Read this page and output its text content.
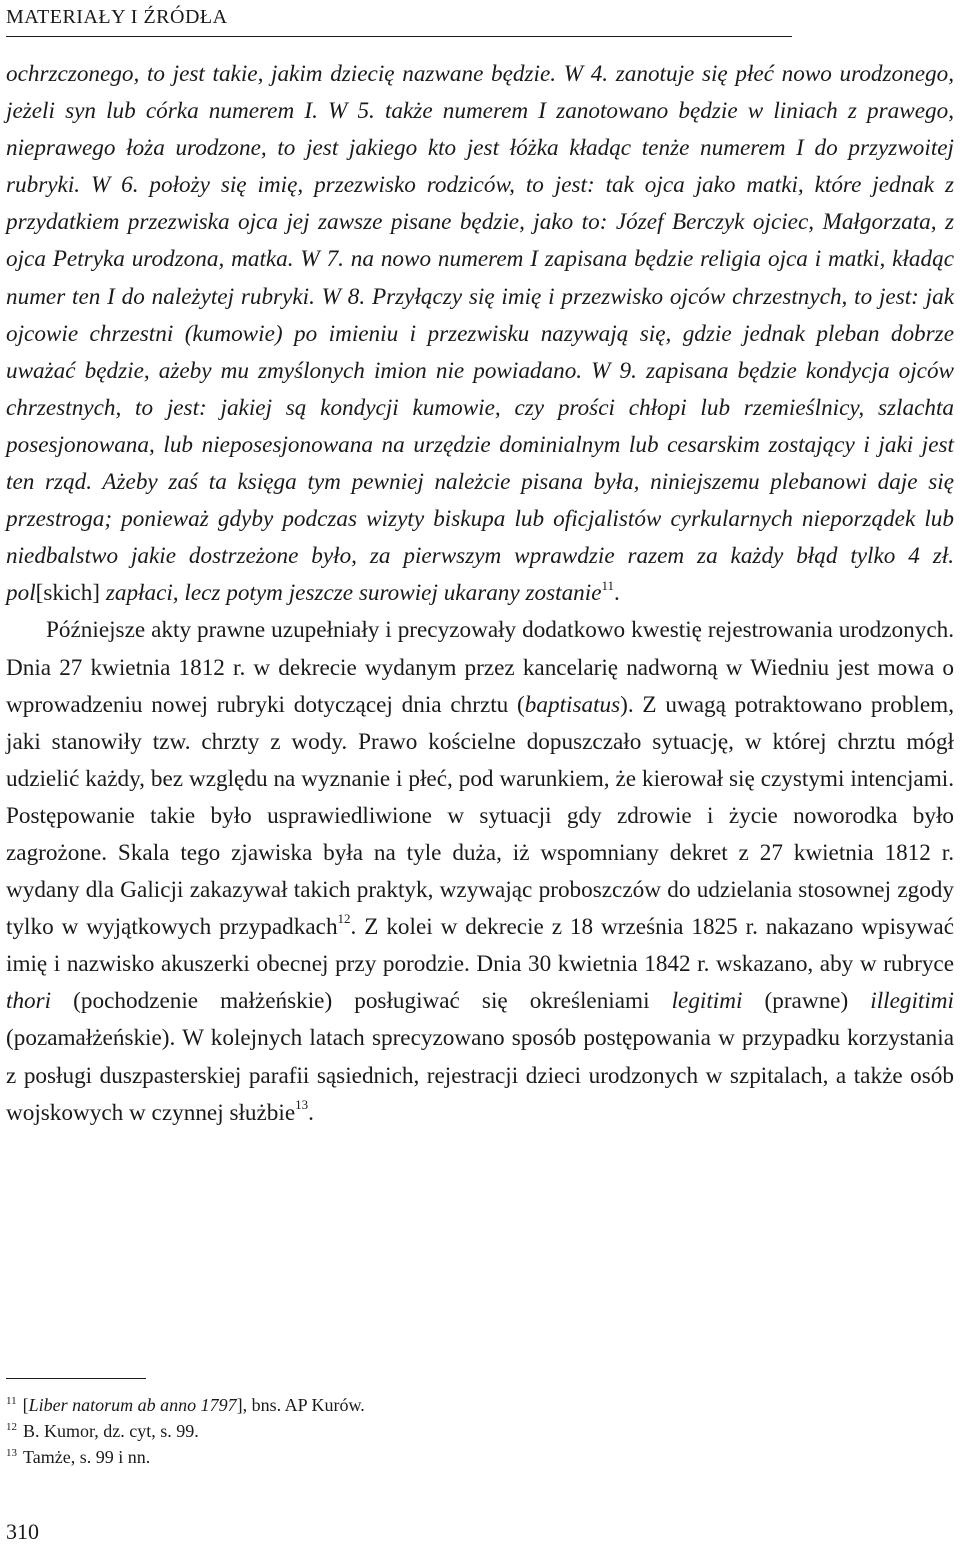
MATERIAŁY I ŹRÓDŁA

ochrzczonego, to jest takie, jakim dziecię nazwane będzie. W 4. zanotuje się płeć nowo urodzonego, jeżeli syn lub córka numerem I. W 5. także numerem I zanotowano będzie w liniach z prawego, nieprawego łoża urodzone, to jest jakiego kto jest łóżka kładąc tenże numerem I do przyzwoitej rubryki. W 6. położy się imię, przezwisko rodziców, to jest: tak ojca jako matki, które jednak z przydatkiem przezwiska ojca jej zawsze pisane będzie, jako to: Józef Berczyk ojciec, Małgorzata, z ojca Petryka urodzona, matka. W 7. na nowo numerem I zapisana będzie religia ojca i matki, kładąc numer ten I do należytej rubryki. W 8. Przyłączy się imię i przezwisko ojców chrzestnych, to jest: jak ojcowie chrzestni (kumowie) po imieniu i przezwisku nazywają się, gdzie jednak pleban dobrze uważać będzie, ażeby mu zmyślonych imion nie powiadano. W 9. zapisana będzie kondycja ojców chrzestnych, to jest: jakiej są kondycji kumowie, czy prości chłopi lub rzemieślnicy, szlachta posesjonowana, lub nieposesjonowana na urzędzie dominialnym lub cesarskim zostający i jaki jest ten rząd. Ażeby zaś ta księga tym pewniej należcie pisana była, niniejszemu plebanowi daje się przestroga; ponieważ gdyby podczas wizyty biskupa lub oficjalistów cyrkularnych nieporządek lub niedbalstwo jakie dostrzeżone było, za pierwszym wprawdzie razem za każdy błąd tylko 4 zł. pol[skich] zapłaci, lecz potym jeszcze surowiej ukarany zostanie$^{11}$.

Późniejsze akty prawne uzupełniały i precyzowały dodatkowo kwestię rejestrowania urodzonych. Dnia 27 kwietnia 1812 r. w dekrecie wydanym przez kancelarię nadworną w Wiedniu jest mowa o wprowadzeniu nowej rubryki dotyczącej dnia chrztu (baptisatus). Z uwagą potraktowano problem, jaki stanowiły tzw. chrzty z wody. Prawo kościelne dopuszczało sytuację, w której chrztu mógł udzielić każdy, bez względu na wyznanie i płeć, pod warunkiem, że kierował się czystymi intencjami. Postępowanie takie było usprawiedliwione w sytuacji gdy zdrowie i życie noworodka było zagrożone. Skala tego zjawiska była na tyle duża, iż wspomniany dekret z 27 kwietnia 1812 r. wydany dla Galicji zakazywał takich praktyk, wzywając proboszczów do udzielania stosownej zgody tylko w wyjątkowych przypadkach$^{12}$. Z kolei w dekrecie z 18 września 1825 r. nakazano wpisywać imię i nazwisko akuszerki obecnej przy porodzie. Dnia 30 kwietnia 1842 r. wskazano, aby w rubryce thori (pochodzenie małżeńskie) posługiwać się określeniami legitimi (prawne) illegitimi (pozamałżeńskie). W kolejnych latach sprecyzowano sposób postępowania w przypadku korzystania z posługi duszpasterskiej parafii sąsiednich, rejestracji dzieci urodzonych w szpitalach, a także osób wojskowych w czynnej służbie$^{13}$.

$^{11}$ [Liber natorum ab anno 1797], bns. AP Kurów.

$^{12}$ B. Kumor, dz. cyt, s. 99.

$^{13}$ Tamże, s. 99 i nn.

310
